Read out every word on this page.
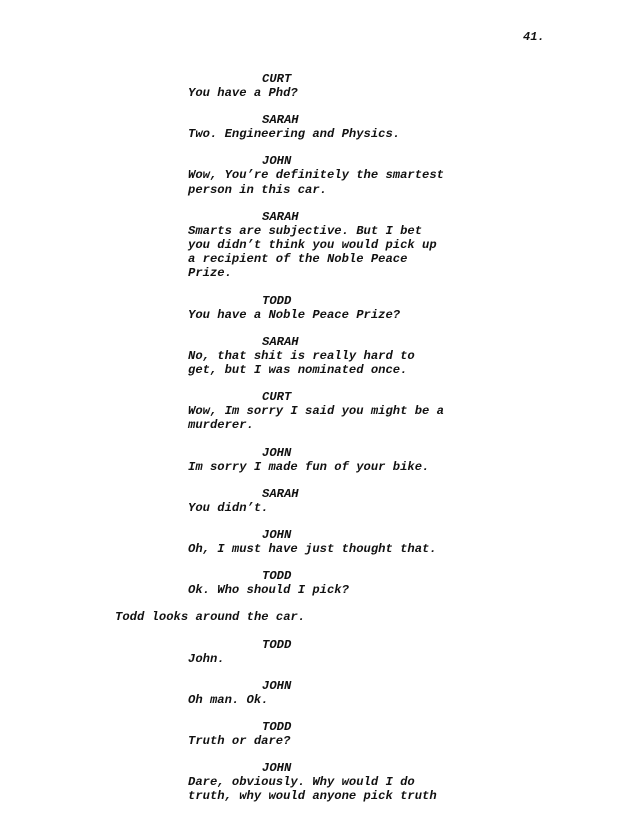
41.
CURT
You have a Phd?
SARAH
Two. Engineering and Physics.
JOHN
Wow, You’re definitely the smartest
person in this car.
SARAH
Smarts are subjective. But I bet
you didn’t think you would pick up
a recipient of the Noble Peace
Prize.
TODD
You have a Noble Peace Prize?
SARAH
No, that shit is really hard to
get, but I was nominated once.
CURT
Wow, Im sorry I said you might be a
murderer.
JOHN
Im sorry I made fun of your bike.
SARAH
You didn’t.
JOHN
Oh, I must have just thought that.
TODD
Ok. Who should I pick?
Todd looks around the car.
TODD
John.
JOHN
Oh man. Ok.
TODD
Truth or dare?
JOHN
Dare, obviously. Why would I do
truth, why would anyone pick truth
